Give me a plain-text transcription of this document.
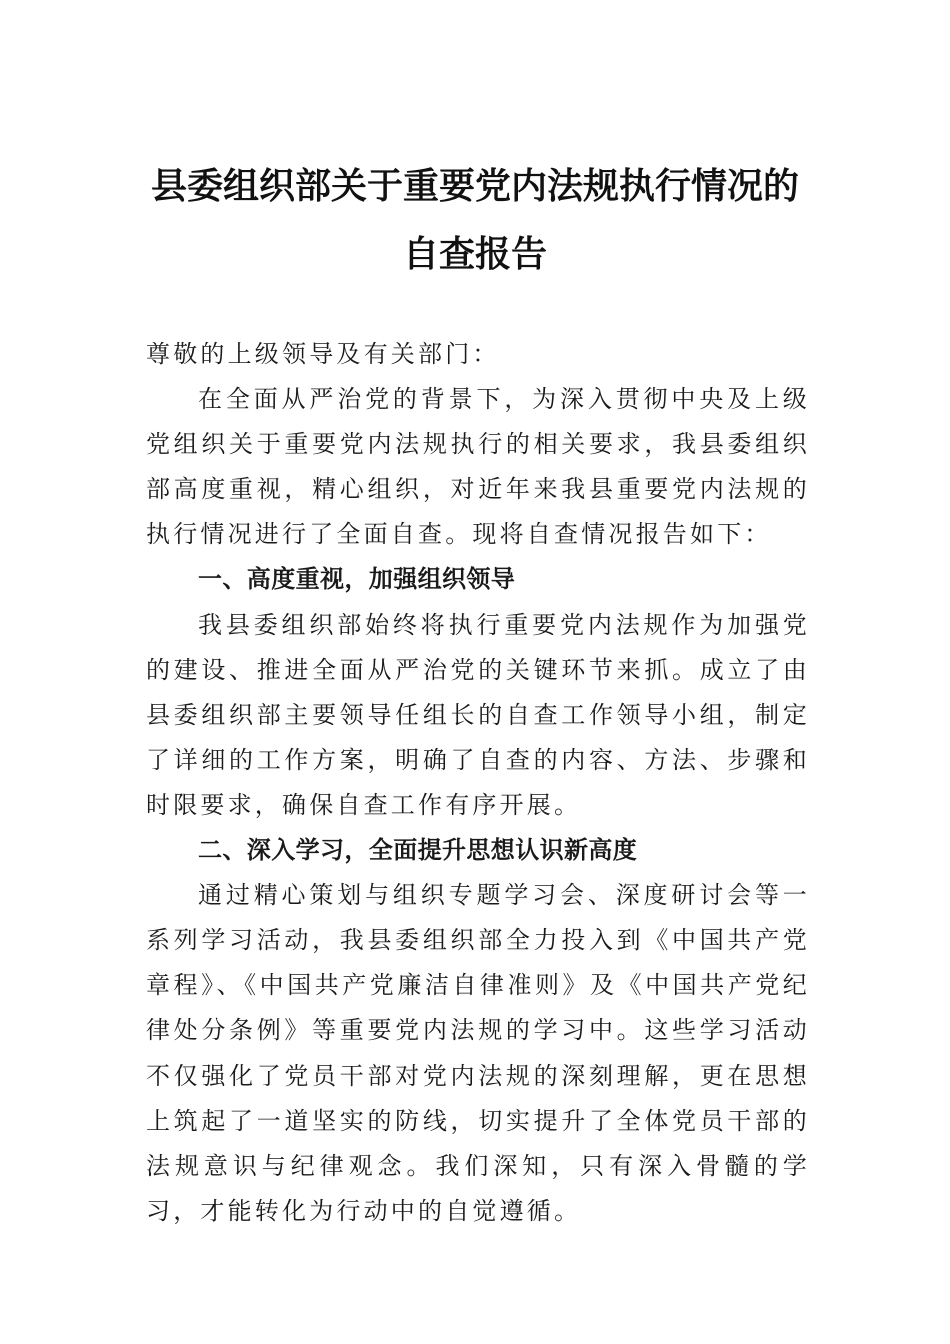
县委组织部关于重要党内法规执行情况的
自查报告

尊敬的上级领导及有关部门：

在全面从严治党的背景下，为深入贯彻中央及上级党组织关于重要党内法规执行的相关要求，我县委组织部高度重视，精心组织，对近年来我县重要党内法规的执行情况进行了全面自查。现将自查情况报告如下：

一、高度重视，加强组织领导

我县委组织部始终将执行重要党内法规作为加强党的建设、推进全面从严治党的关键环节来抓。成立了由县委组织部主要领导任组长的自查工作领导小组，制定了详细的工作方案，明确了自查的内容、方法、步骤和时限要求，确保自查工作有序开展。

二、深入学习，全面提升思想认识新高度

通过精心策划与组织专题学习会、深度研讨会等一系列学习活动，我县委组织部全力投入到《中国共产党章程》、《中国共产党廉洁自律准则》及《中国共产党纪律处分条例》等重要党内法规的学习中。这些学习活动不仅强化了党员干部对党内法规的深刻理解，更在思想上筑起了一道坚实的防线，切实提升了全体党员干部的法规意识与纪律观念。我们深知，只有深入骨髓的学习，才能转化为行动中的自觉遵循。
